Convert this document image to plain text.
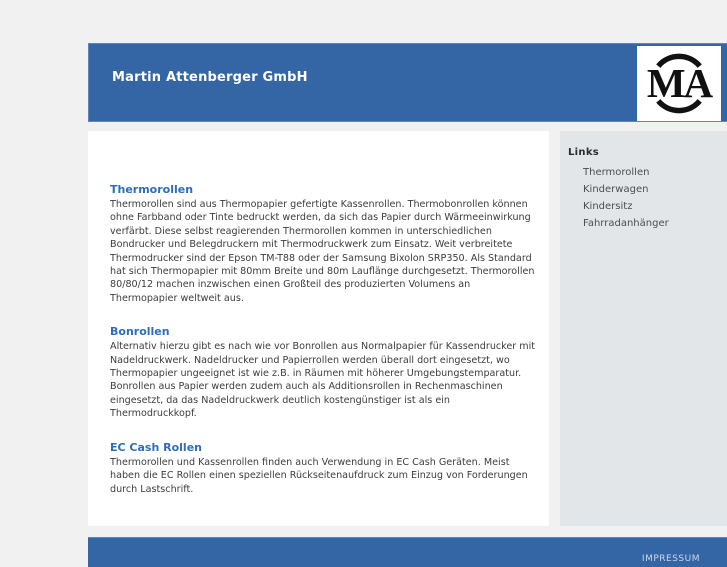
Martin Attenberger GmbH	MA
Thermorollen

Thermorollen sind aus Thermopapier gefertigte Kassenrollen. Thermobonrollen können ohne Farbband oder Tinte bedruckt werden, da sich das Papier durch Wärmeeinwirkung verfärbt. Diese selbst reagierenden Thermorollen kommen in unterschiedlichen Bondrucker und Belegdruckern mit Thermodruckwerk zum Einsatz. Weit verbreitete Thermodrucker sind der Epson TM-T88 oder der Samsung Bixolon SRP350. Als Standard hat sich Thermopapier mit 80mm Breite und 80m Lauflänge durchgesetzt. Thermorollen 80/80/12 machen inzwischen einen Großteil des produzierten Volumens an Thermopapier weltweit aus.

Bonrollen

Alternativ hierzu gibt es nach wie vor Bonrollen aus Normalpapier für Kassendrucker mit Nadeldruckwerk. Nadeldrucker und Papierrollen werden überall dort eingesetzt, wo Thermopapier ungeeignet ist wie z.B. in Räumen mit höherer Umgebungstemparatur. Bonrollen aus Papier werden zudem auch als Additionsrollen in Rechenmaschinen eingesetzt, da das Nadeldruckwerk deutlich kostengünstiger ist als ein Thermodruckkopf.

EC Cash Rollen

Thermorollen und Kassenrollen finden auch Verwendung in EC Cash Geräten. Meist haben die EC Rollen einen speziellen Rückseitenaufdruck zum Einzug von Forderungen durch Lastschrift.

Links
Thermorollen
Kinderwagen
Kindersitz
Fahrradanhänger
IMPRESSUM
